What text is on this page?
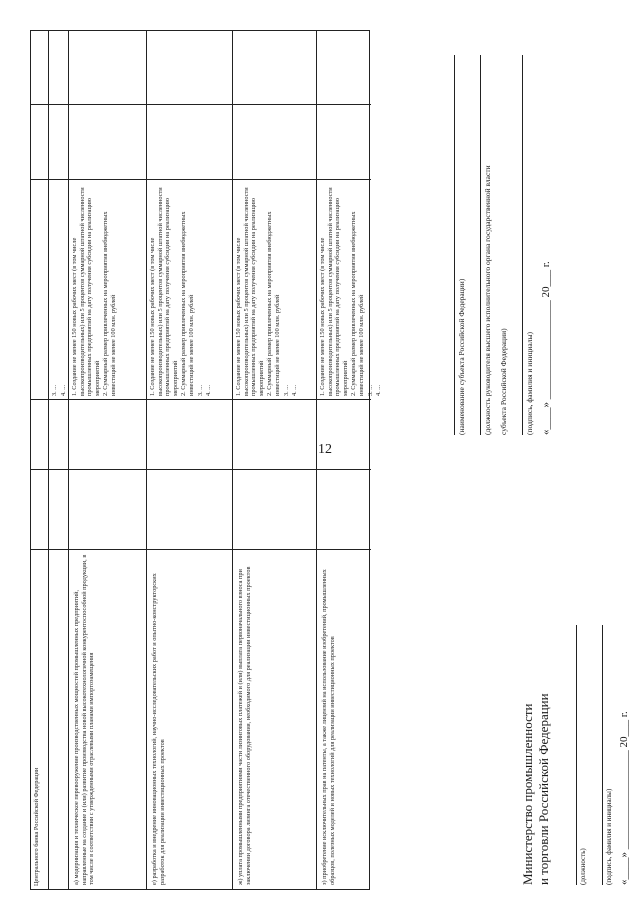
12
Центрального банка Российской Федерации
3. ... 4. ...
а) модернизация и техническое перевооружение производственных мощностей промышленных предприятий, направленные на создание и (или) развитие производства новой высокотехнологичной конкурентоспособной продукции, в том числе в соответствии с утвержденными отраслевыми планами импортозамещения
1. Создание не менее 150 новых рабочих мест (в том числе высокопроизводительных) или 5 процентов суммарной штатной численности промышленных предприятий на дату получения субсидии на реализацию мероприятий 2. Суммарный размер привлеченных на мероприятия внебюджетных инвестиций не менее 100 млн. рублей
е) разработка и внедрение инновационных технологий, научно-исследовательских работ и опытно-конструкторских разработок для реализации инвестиционных проектов
1. Создание не менее 150 новых рабочих мест (в том числе высокопроизводительных) или 5 процентов суммарной штатной численности промышленных предприятий на дату получения субсидии на реализацию мероприятий 2. Суммарный размер привлеченных на мероприятия внебюджетных инвестиций не менее 100 млн. рублей 3. ... 4. ...
ж) уплата промышленными предприятиями части лизинговых платежей и (или) выплата первоначального взноса при заключении договора лизинга отечественного оборудования, необходимого для реализации инвестиционных проектов
1. Создание не менее 150 новых рабочих мест (в том числе высокопроизводительных) или 5 процентов суммарной штатной численности промышленных предприятий на дату получения субсидии на реализацию мероприятий 2. Суммарный размер привлеченных на мероприятия внебюджетных инвестиций не менее 100 млн. рублей 3. ... 4. ...
з) приобретение исключительных прав на патенты, а также лицензий на использование изобретений, промышленных образцов, полезных моделей и новых технологий для реализации инвестиционных проектов
1. Создание не менее 150 новых рабочих мест (в том числе высокопроизводительных) или 5 процентов суммарной штатной численности промышленных предприятий на дату получения субсидии на реализацию мероприятий 2. Суммарный размер привлеченных на мероприятия внебюджетных инвестиций не менее 100 млн. рублей 3. ... 4. ...
Министерство промышленности и торговли Российской Федерации	(должность)	(подпись, фамилия и инициалы) «____» __________________ 20___ г.
(наименование субъекта Российской Федерации) (должность руководителя высшего исполнительного органа государственной власти субъекта Российской Федерации) (подпись, фамилия и инициалы) «____» __________________ 20___ г.
